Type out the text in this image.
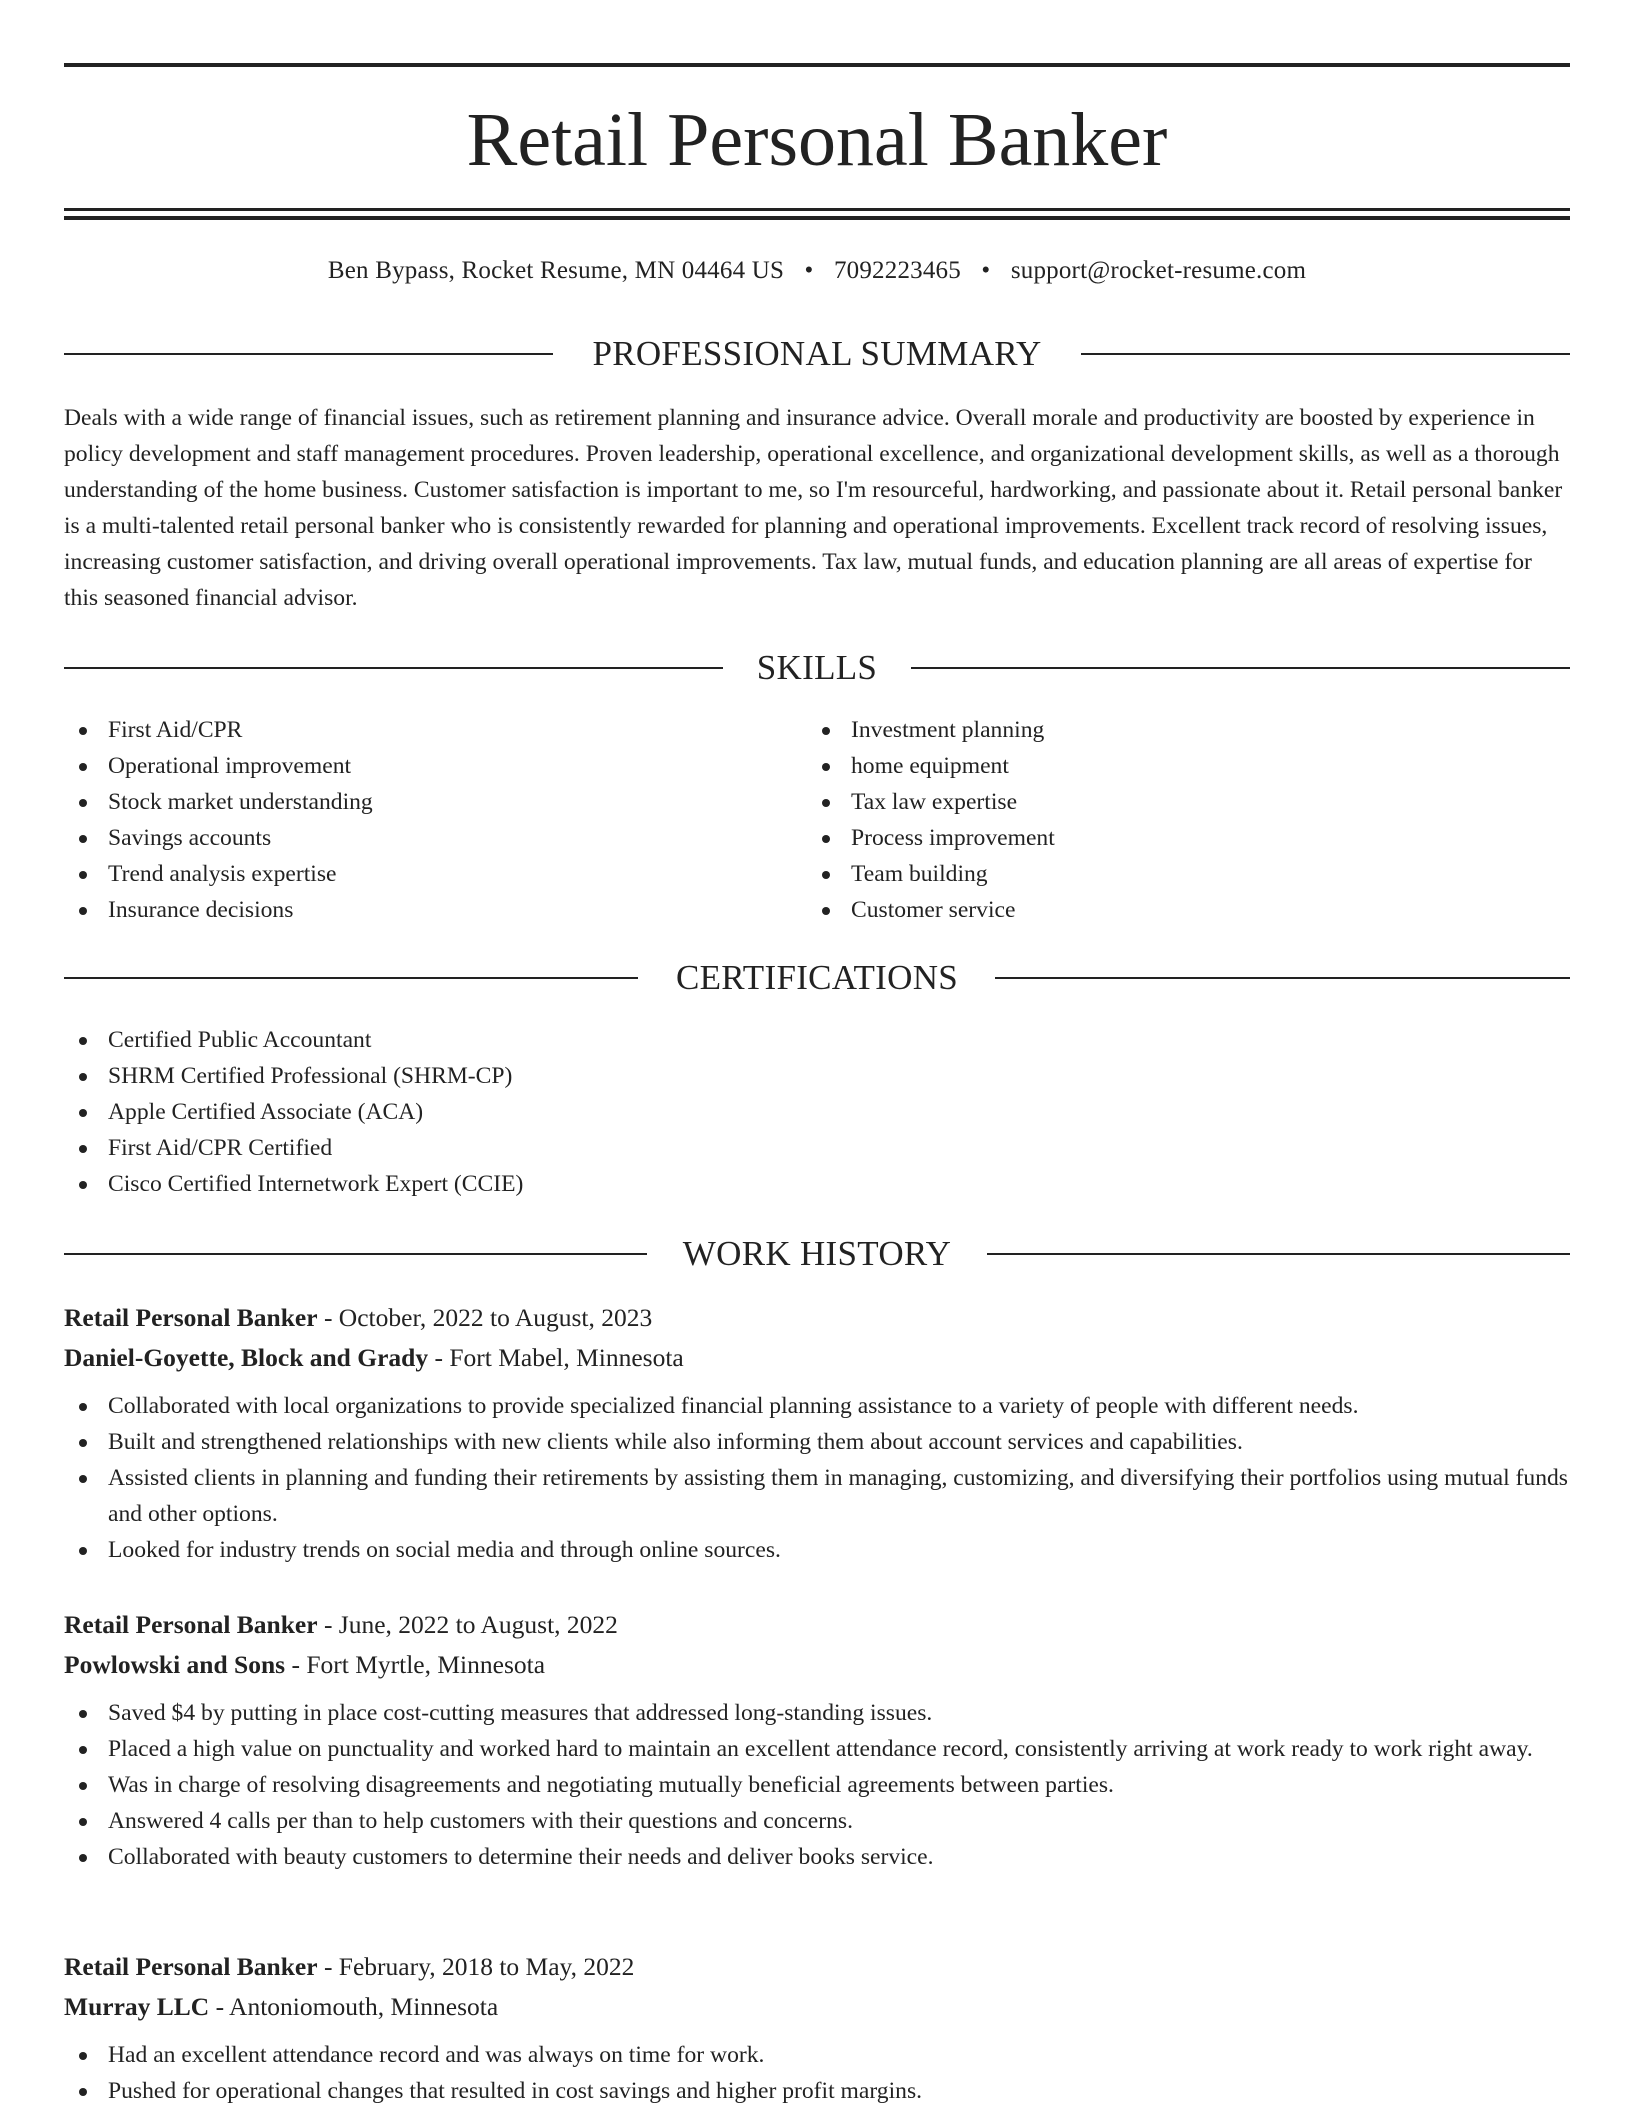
Retail Personal Banker
Ben Bypass, Rocket Resume, MN 04464 US • 7092223465 • support@rocket-resume.com
PROFESSIONAL SUMMARY

Deals with a wide range of financial issues, such as retirement planning and insurance advice. Overall morale and productivity are boosted by experience in policy development and staff management procedures. Proven leadership, operational excellence, and organizational development skills, as well as a thorough understanding of the home business. Customer satisfaction is important to me, so I'm resourceful, hardworking, and passionate about it. Retail personal banker is a multi-talented retail personal banker who is consistently rewarded for planning and operational improvements. Excellent track record of resolving issues, increasing customer satisfaction, and driving overall operational improvements. Tax law, mutual funds, and education planning are all areas of expertise for this seasoned financial advisor.

SKILLS
First Aid/CPR
Operational improvement
Stock market understanding
Savings accounts
Trend analysis expertise
Insurance decisions
Investment planning
home equipment
Tax law expertise
Process improvement
Team building
Customer service
CERTIFICATIONS
Certified Public Accountant
SHRM Certified Professional (SHRM-CP)
Apple Certified Associate (ACA)
First Aid/CPR Certified
Cisco Certified Internetwork Expert (CCIE)
WORK HISTORY

Retail Personal Banker - October, 2022 to August, 2023

Daniel-Goyette, Block and Grady - Fort Mabel, Minnesota

Collaborated with local organizations to provide specialized financial planning assistance to a variety of people with different needs.
Built and strengthened relationships with new clients while also informing them about account services and capabilities.
Assisted clients in planning and funding their retirements by assisting them in managing, customizing, and diversifying their portfolios using mutual funds and other options.
Looked for industry trends on social media and through online sources.

Retail Personal Banker - June, 2022 to August, 2022

Powlowski and Sons - Fort Myrtle, Minnesota

Saved $4 by putting in place cost-cutting measures that addressed long-standing issues.
Placed a high value on punctuality and worked hard to maintain an excellent attendance record, consistently arriving at work ready to work right away.
Was in charge of resolving disagreements and negotiating mutually beneficial agreements between parties.
Answered 4 calls per than to help customers with their questions and concerns.
Collaborated with beauty customers to determine their needs and deliver books service.

Retail Personal Banker - February, 2018 to May, 2022

Murray LLC - Antoniomouth, Minnesota

Had an excellent attendance record and was always on time for work.
Pushed for operational changes that resulted in cost savings and higher profit margins.
